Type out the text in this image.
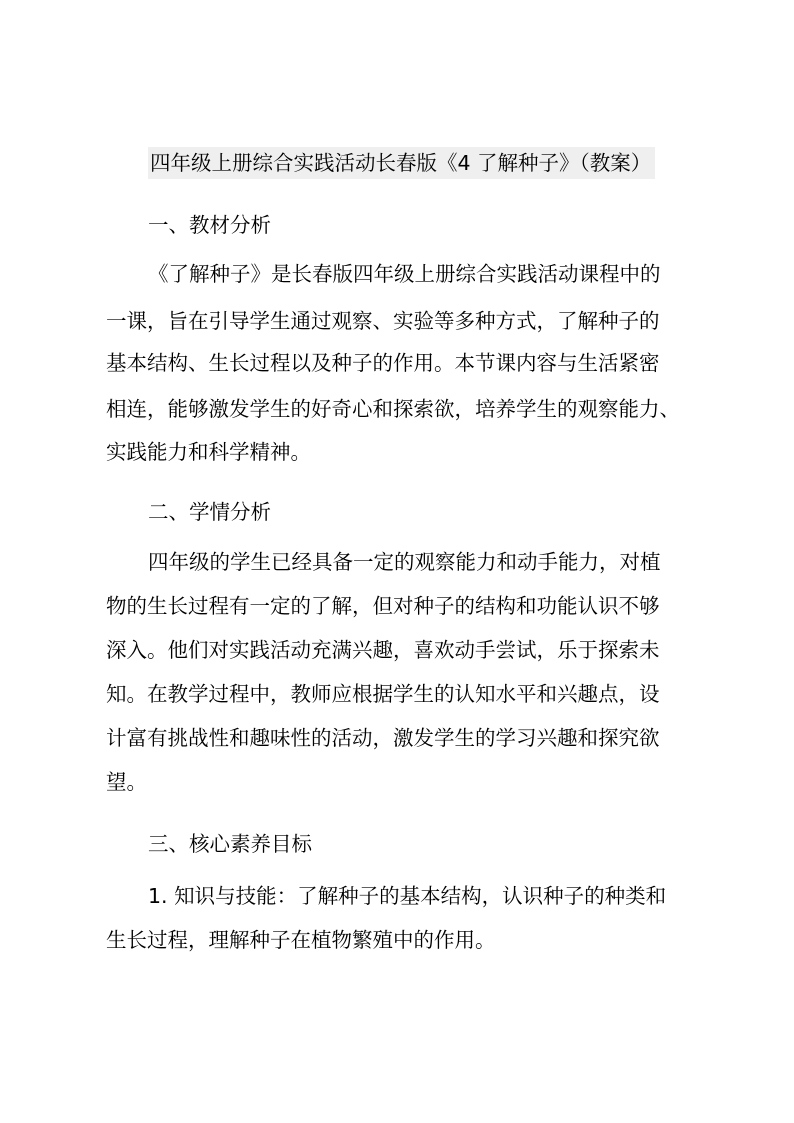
四年级上册综合实践活动长春版《4 了解种子》（教案）
一、教材分析
《了解种子》是长春版四年级上册综合实践活动课程中的
一课，旨在引导学生通过观察、实验等多种方式，了解种子的
基本结构、生长过程以及种子的作用。本节课内容与生活紧密
相连，能够激发学生的好奇心和探索欲，培养学生的观察能力、
实践能力和科学精神。
二、学情分析
四年级的学生已经具备一定的观察能力和动手能力，对植
物的生长过程有一定的了解，但对种子的结构和功能认识不够
深入。他们对实践活动充满兴趣，喜欢动手尝试，乐于探索未
知。在教学过程中，教师应根据学生的认知水平和兴趣点，设
计富有挑战性和趣味性的活动，激发学生的学习兴趣和探究欲
望。
三、核心素养目标
1. 知识与技能：了解种子的基本结构，认识种子的种类和
生长过程，理解种子在植物繁殖中的作用。
